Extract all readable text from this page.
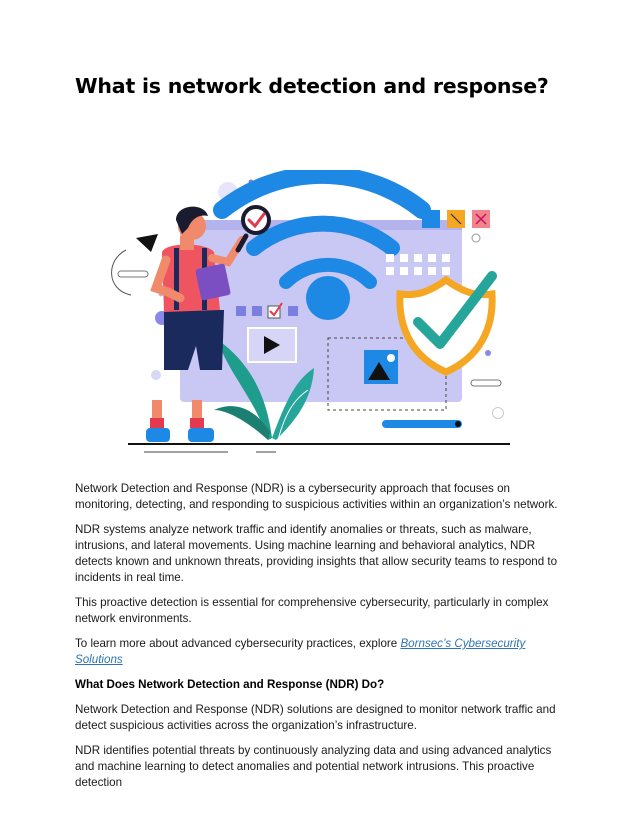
What is network detection and response?

Network Detection and Response (NDR) is a cybersecurity approach that focuses on monitoring, detecting, and responding to suspicious activities within an organization’s network.

NDR systems analyze network traffic and identify anomalies or threats, such as malware, intrusions, and lateral movements. Using machine learning and behavioral analytics, NDR detects known and unknown threats, providing insights that allow security teams to respond to incidents in real time.

This proactive detection is essential for comprehensive cybersecurity, particularly in complex network environments.

To learn more about advanced cybersecurity practices, explore Bornsec’s Cybersecurity Solutions

What Does Network Detection and Response (NDR) Do?

Network Detection and Response (NDR) solutions are designed to monitor network traffic and detect suspicious activities across the organization’s infrastructure.

NDR identifies potential threats by continuously analyzing data and using advanced analytics and machine learning to detect anomalies and potential network intrusions. This proactive detection
